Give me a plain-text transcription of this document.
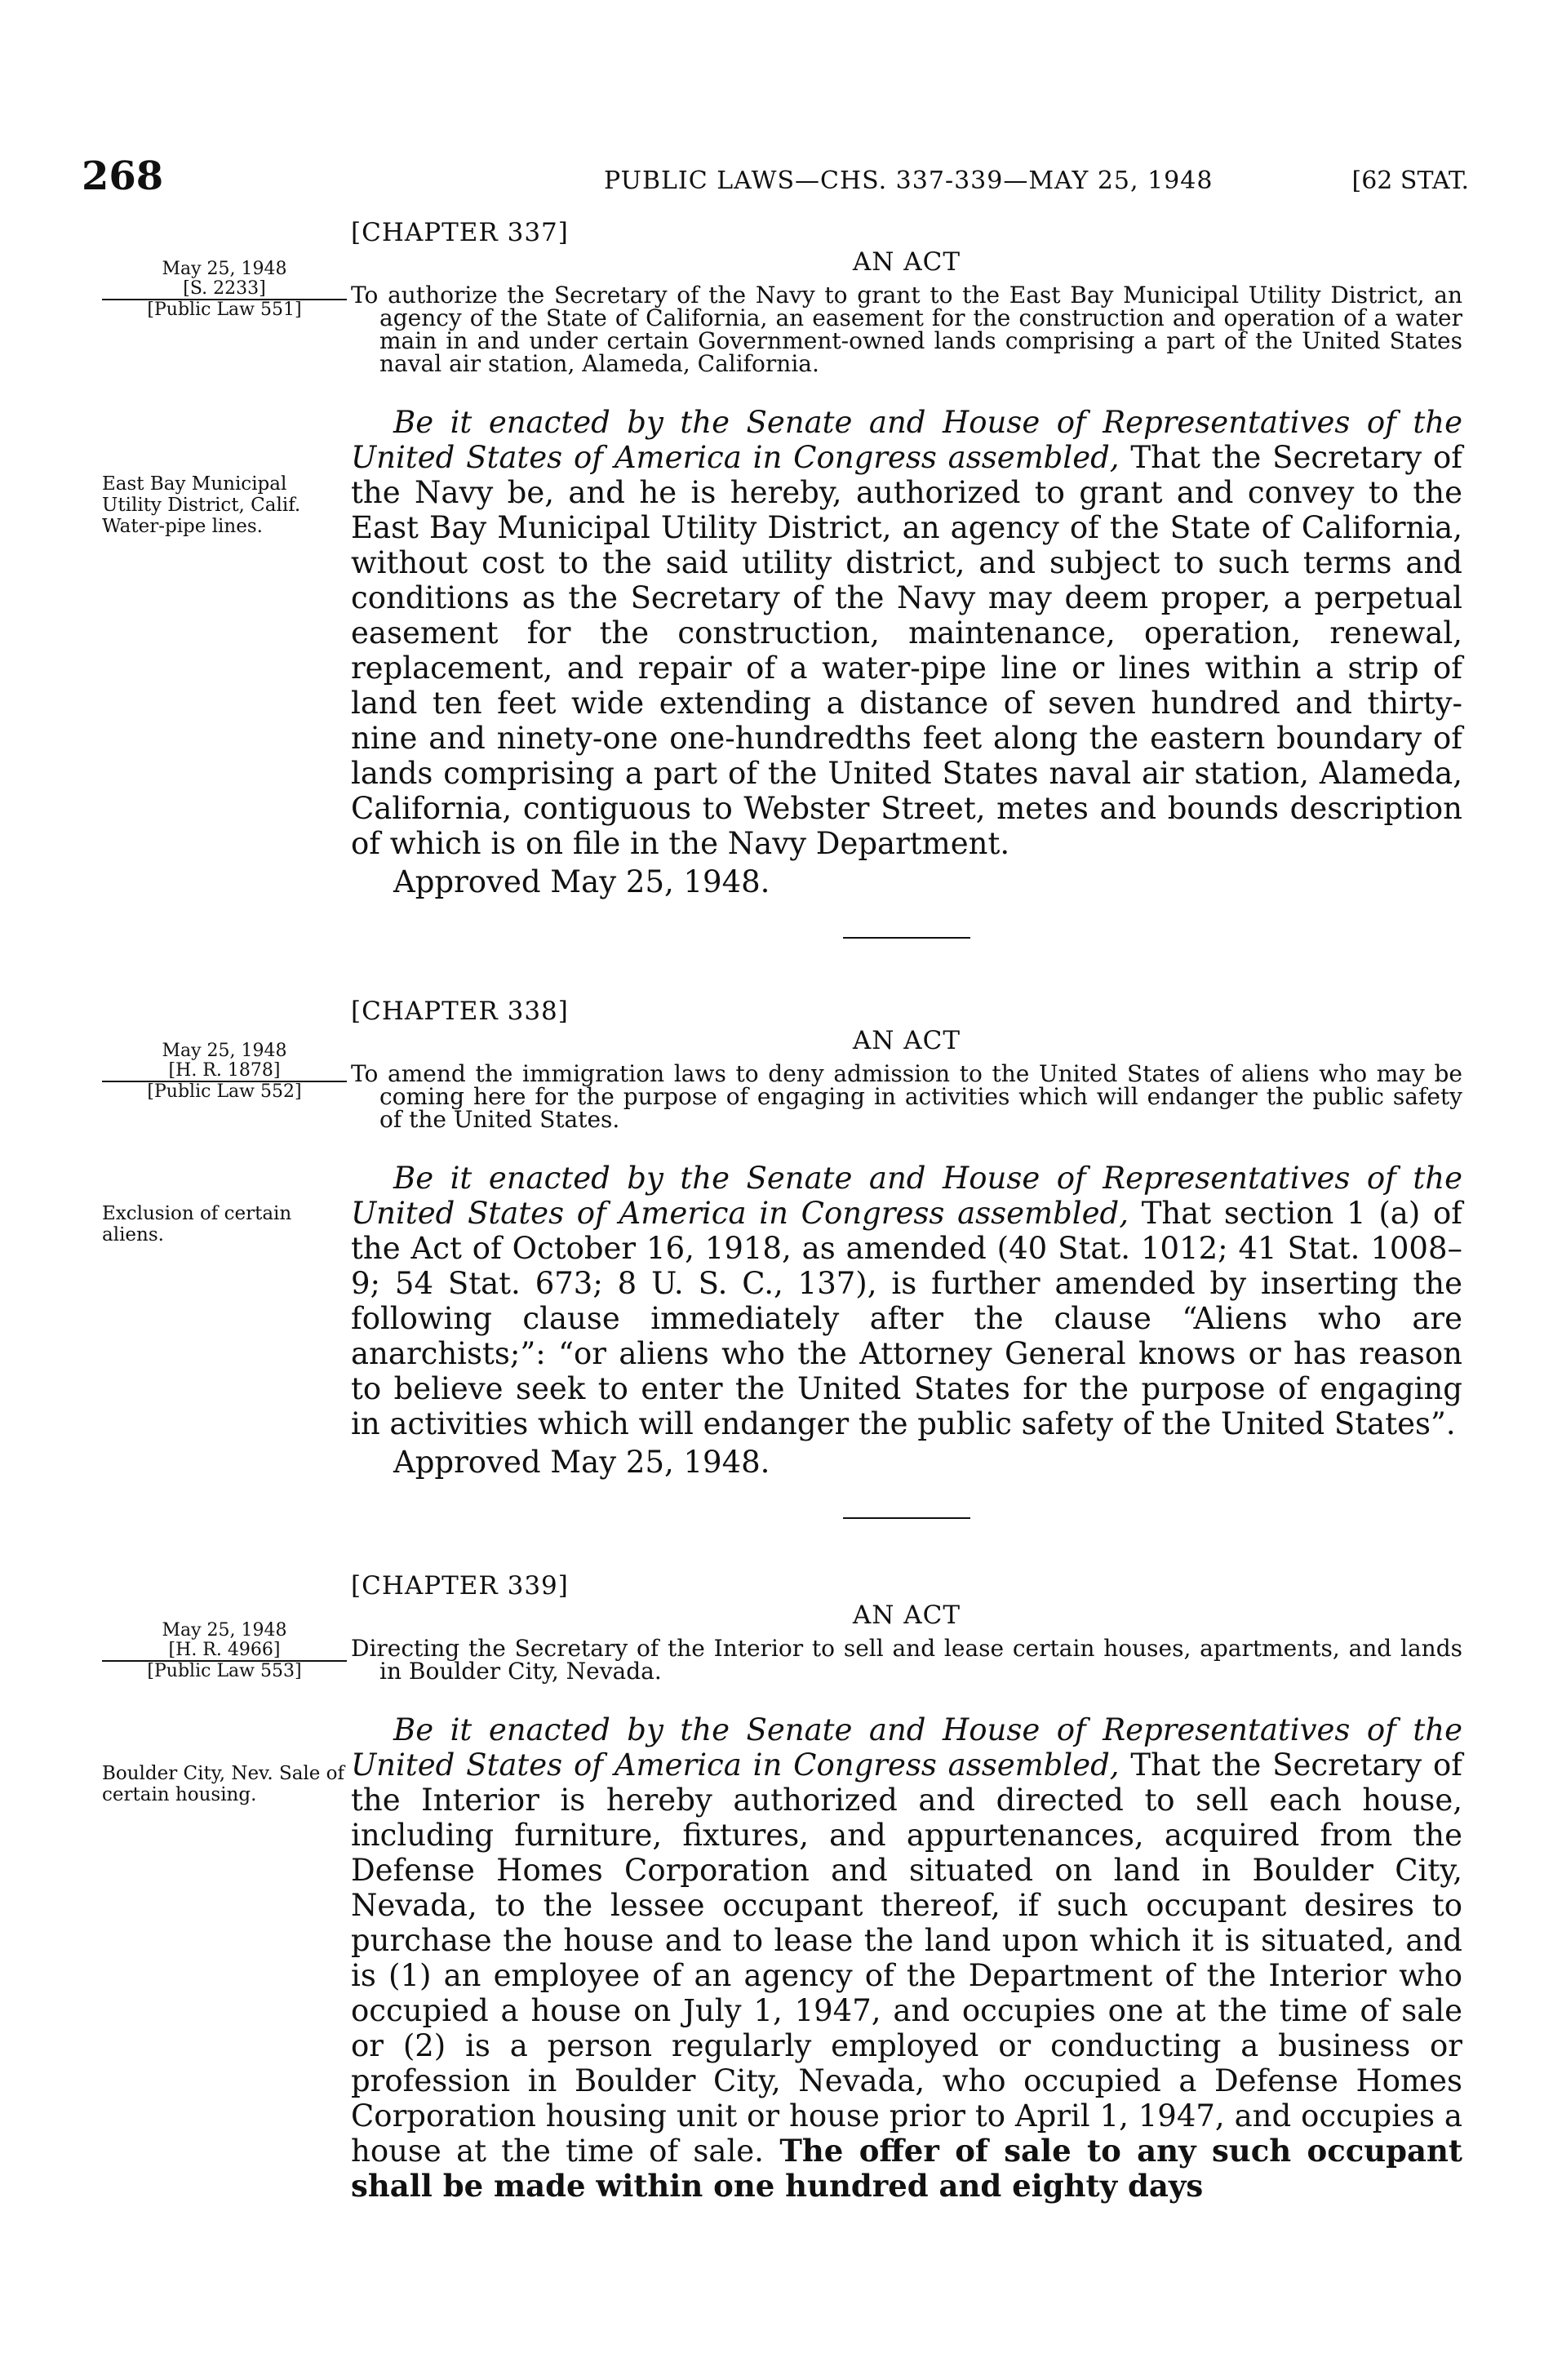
268	PUBLIC LAWS—CHS. 337-339—MAY 25, 1948	[62 STAT.
May 25, 1948
[S. 2233]
[Public Law 551]
East Bay Municipal Utility District, Calif. Water-pipe lines.
[CHAPTER 337]
AN ACT
To authorize the Secretary of the Navy to grant to the East Bay Municipal Utility District, an agency of the State of California, an easement for the construction and operation of a water main in and under certain Government-owned lands comprising a part of the United States naval air station, Alameda, California.
Be it enacted by the Senate and House of Representatives of the United States of America in Congress assembled, That the Secretary of the Navy be, and he is hereby, authorized to grant and convey to the East Bay Municipal Utility District, an agency of the State of California, without cost to the said utility district, and subject to such terms and conditions as the Secretary of the Navy may deem proper, a perpetual easement for the construction, maintenance, operation, renewal, replacement, and repair of a water-pipe line or lines within a strip of land ten feet wide extending a distance of seven hundred and thirty-nine and ninety-one one-hundredths feet along the eastern boundary of lands comprising a part of the United States naval air station, Alameda, California, contiguous to Webster Street, metes and bounds description of which is on file in the Navy Department.
Approved May 25, 1948.
May 25, 1948
[H. R. 1878]
[Public Law 552]
Exclusion of certain aliens.
[CHAPTER 338]
AN ACT
To amend the immigration laws to deny admission to the United States of aliens who may be coming here for the purpose of engaging in activities which will endanger the public safety of the United States.
Be it enacted by the Senate and House of Representatives of the United States of America in Congress assembled, That section 1 (a) of the Act of October 16, 1918, as amended (40 Stat. 1012; 41 Stat. 1008–9; 54 Stat. 673; 8 U. S. C., 137), is further amended by inserting the following clause immediately after the clause “Aliens who are anarchists;”: “or aliens who the Attorney General knows or has reason to believe seek to enter the United States for the purpose of engaging in activities which will endanger the public safety of the United States”.
Approved May 25, 1948.
May 25, 1948
[H. R. 4966]
[Public Law 553]
Boulder City, Nev. Sale of certain housing.
[CHAPTER 339]
AN ACT
Directing the Secretary of the Interior to sell and lease certain houses, apartments, and lands in Boulder City, Nevada.
Be it enacted by the Senate and House of Representatives of the United States of America in Congress assembled, That the Secretary of the Interior is hereby authorized and directed to sell each house, including furniture, fixtures, and appurtenances, acquired from the Defense Homes Corporation and situated on land in Boulder City, Nevada, to the lessee occupant thereof, if such occupant desires to purchase the house and to lease the land upon which it is situated, and is (1) an employee of an agency of the Department of the Interior who occupied a house on July 1, 1947, and occupies one at the time of sale or (2) is a person regularly employed or conducting a business or profession in Boulder City, Nevada, who occupied a Defense Homes Corporation housing unit or house prior to April 1, 1947, and occupies a house at the time of sale. The offer of sale to any such occupant shall be made within one hundred and eighty days
